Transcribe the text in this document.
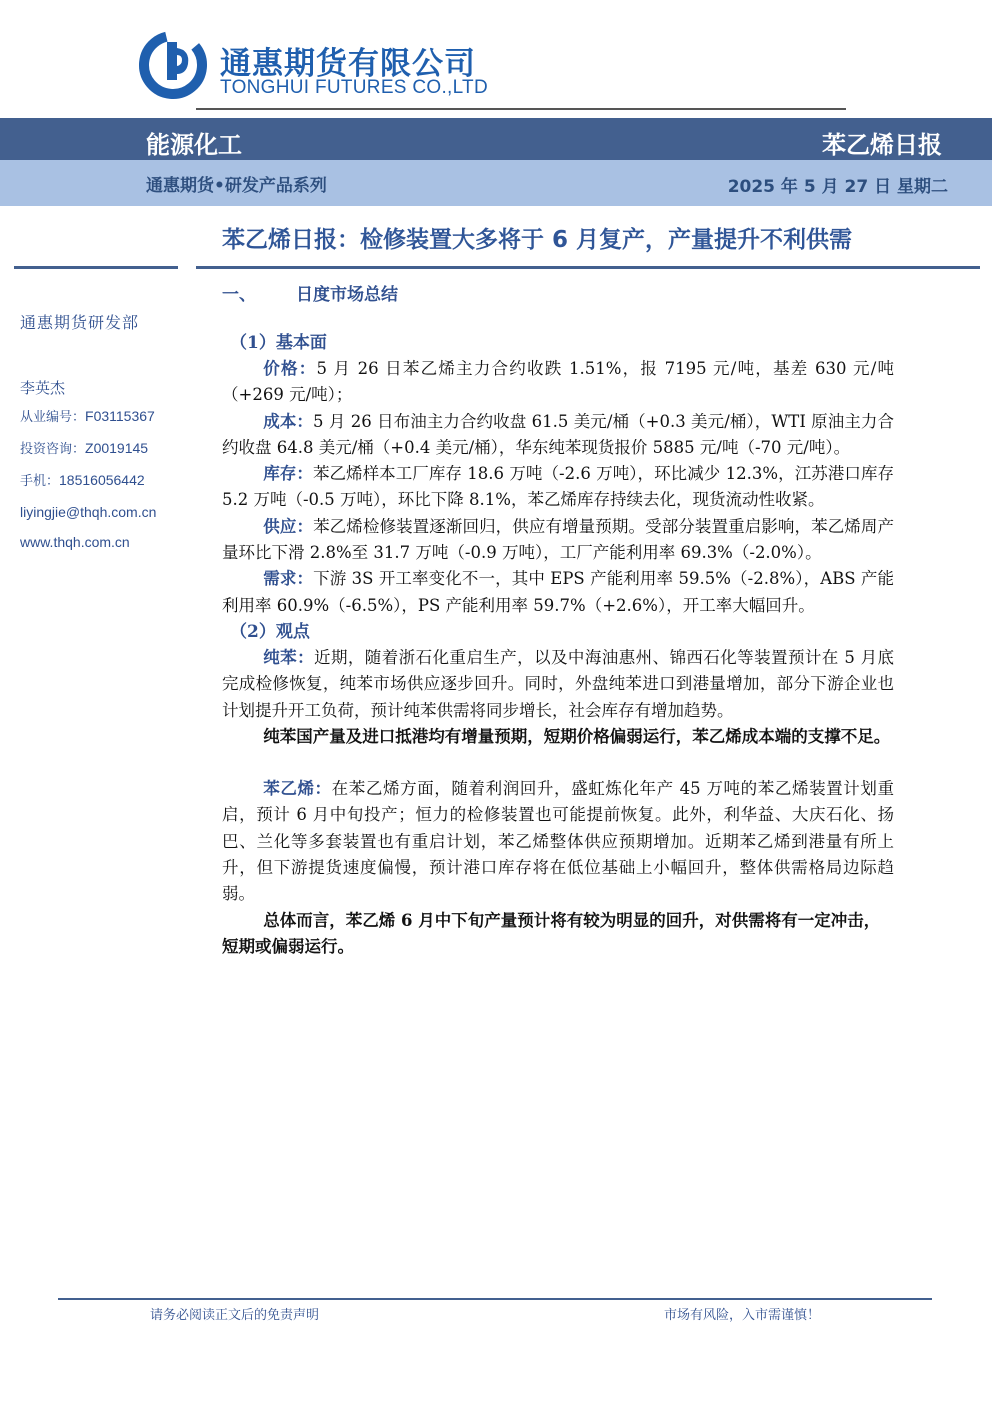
通惠期货有限公司
TONGHUI FUTURES CO.,LTD
能源化工	苯乙烯日报
通惠期货•研发产品系列	2025 年 5 月 27 日 星期二
苯乙烯日报：检修装置大多将于 6 月复产，产量提升不利供需
通惠期货研发部
李英杰
从业编号：F03115367
投资咨询：Z0019145
手机：18516056442
liyingjie@thqh.com.cn
www.thqh.com.cn
一、 日度市场总结
（1）基本面

价格：5 月 26 日苯乙烯主力合约收跌 1.51%，报 7195 元/吨，基差 630 元/吨（+269 元/吨）；

成本：5 月 26 日布油主力合约收盘 61.5 美元/桶（+0.3 美元/桶），WTI 原油主力合约收盘 64.8 美元/桶（+0.4 美元/桶），华东纯苯现货报价 5885 元/吨（-70 元/吨）。

库存：苯乙烯样本工厂库存 18.6 万吨（-2.6 万吨），环比减少 12.3%，江苏港口库存 5.2 万吨（-0.5 万吨），环比下降 8.1%，苯乙烯库存持续去化，现货流动性收紧。

供应：苯乙烯检修装置逐渐回归，供应有增量预期。受部分装置重启影响，苯乙烯周产量环比下滑 2.8%至 31.7 万吨（-0.9 万吨），工厂产能利用率 69.3%（-2.0%）。

需求：下游 3S 开工率变化不一，其中 EPS 产能利用率 59.5%（-2.8%），ABS 产能利用率 60.9%（-6.5%），PS 产能利用率 59.7%（+2.6%），开工率大幅回升。

（2）观点

纯苯：近期，随着浙石化重启生产，以及中海油惠州、锦西石化等装置预计在 5 月底完成检修恢复，纯苯市场供应逐步回升。同时，外盘纯苯进口到港量增加，部分下游企业也计划提升开工负荷，预计纯苯供需将同步增长，社会库存有增加趋势。

纯苯国产量及进口抵港均有增量预期，短期价格偏弱运行，苯乙烯成本端的支撑不足。

苯乙烯：在苯乙烯方面，随着利润回升，盛虹炼化年产 45 万吨的苯乙烯装置计划重启，预计 6 月中旬投产；恒力的检修装置也可能提前恢复。此外，利华益、大庆石化、扬巴、兰化等多套装置也有重启计划，苯乙烯整体供应预期增加。近期苯乙烯到港量有所上升，但下游提货速度偏慢，预计港口库存将在低位基础上小幅回升，整体供需格局边际趋弱。

总体而言，苯乙烯 6 月中下旬产量预计将有较为明显的回升，对供需将有一定冲击，短期或偏弱运行。

请务必阅读正文后的免责声明	市场有风险，入市需谨慎！
